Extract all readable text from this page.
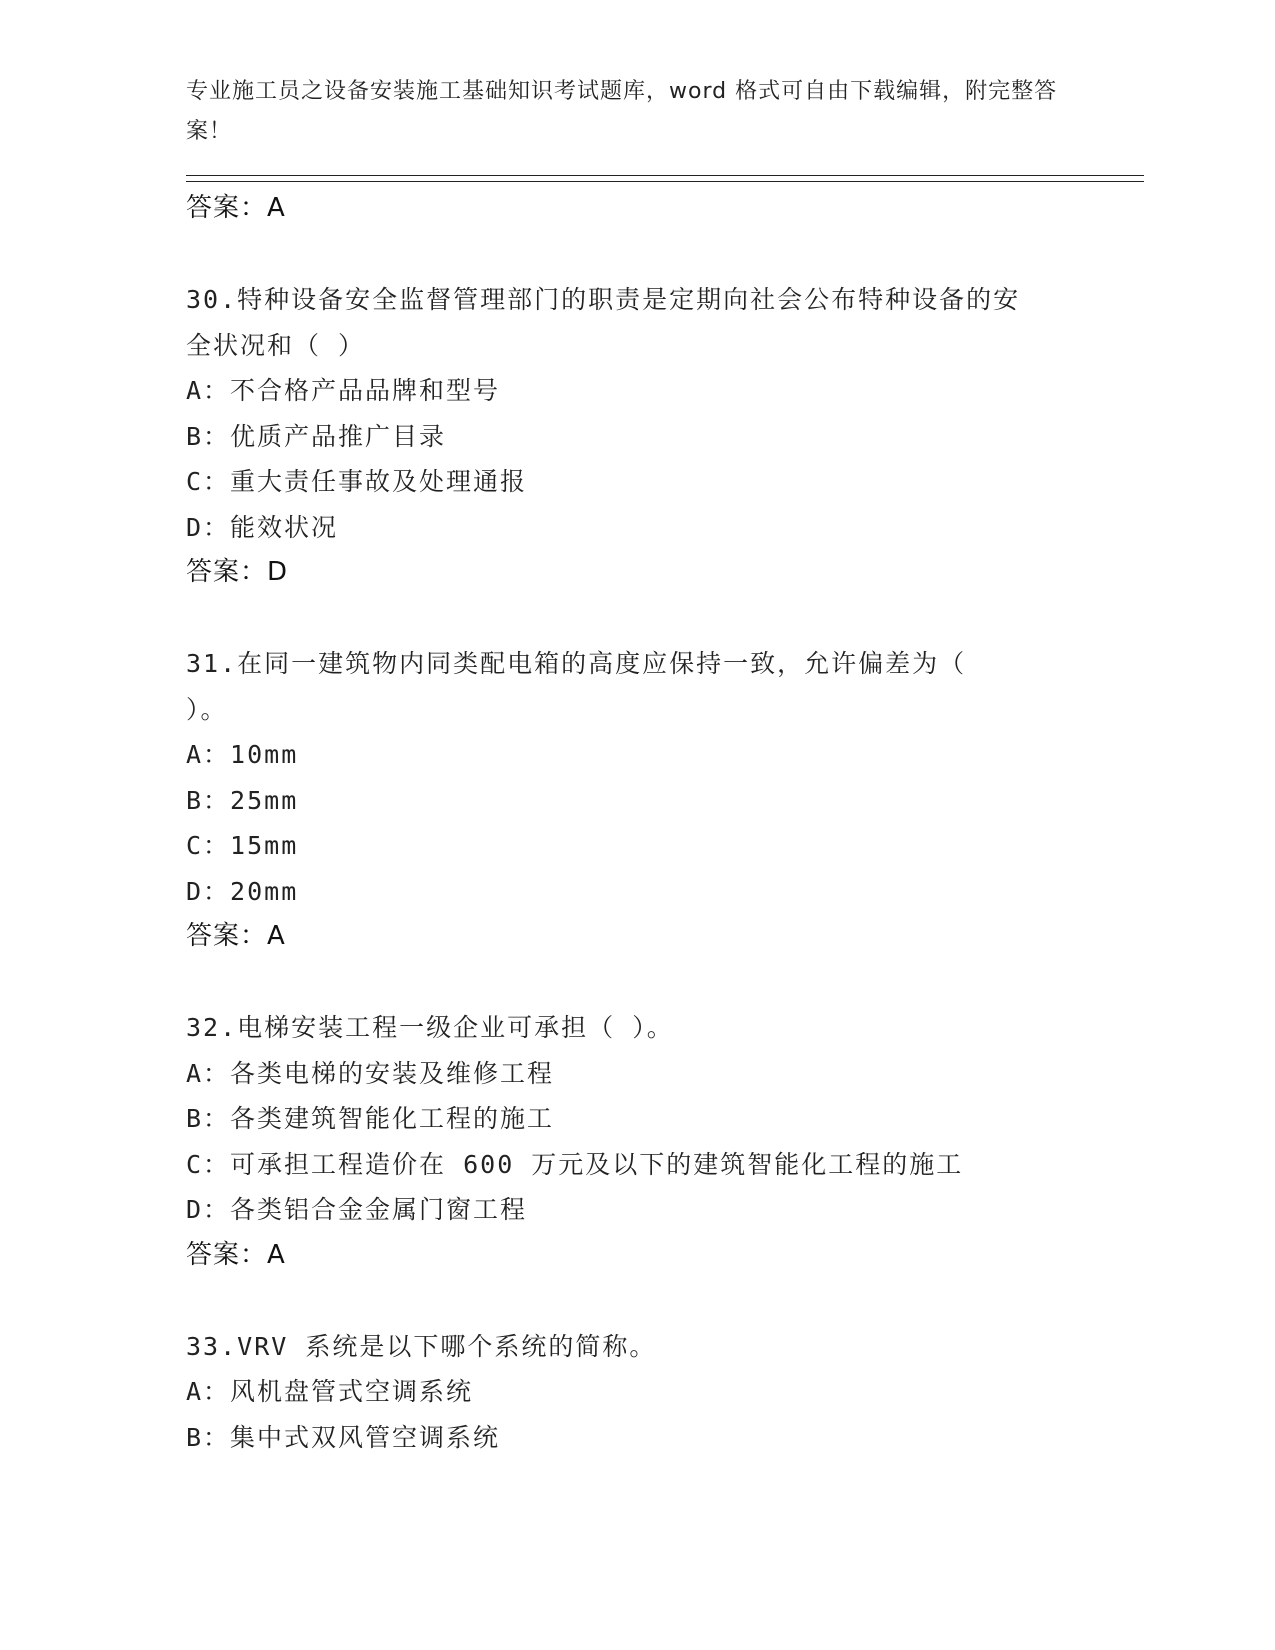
专业施工员之设备安装施工基础知识考试题库，word 格式可自由下载编辑，附完整答案！
答案：A
30.特种设备安全监督管理部门的职责是定期向社会公布特种设备的安全状况和（ ）
A：不合格产品品牌和型号
B：优质产品推广目录
C：重大责任事故及处理通报
D：能效状况
答案：D
31.在同一建筑物内同类配电箱的高度应保持一致，允许偏差为（ ）。
A：10mm
B：25mm
C：15mm
D：20mm
答案：A
32.电梯安装工程一级企业可承担（ ）。
A：各类电梯的安装及维修工程
B：各类建筑智能化工程的施工
C：可承担工程造价在 600 万元及以下的建筑智能化工程的施工
D：各类铝合金金属门窗工程
答案：A
33.VRV 系统是以下哪个系统的简称。
A：风机盘管式空调系统
B：集中式双风管空调系统
